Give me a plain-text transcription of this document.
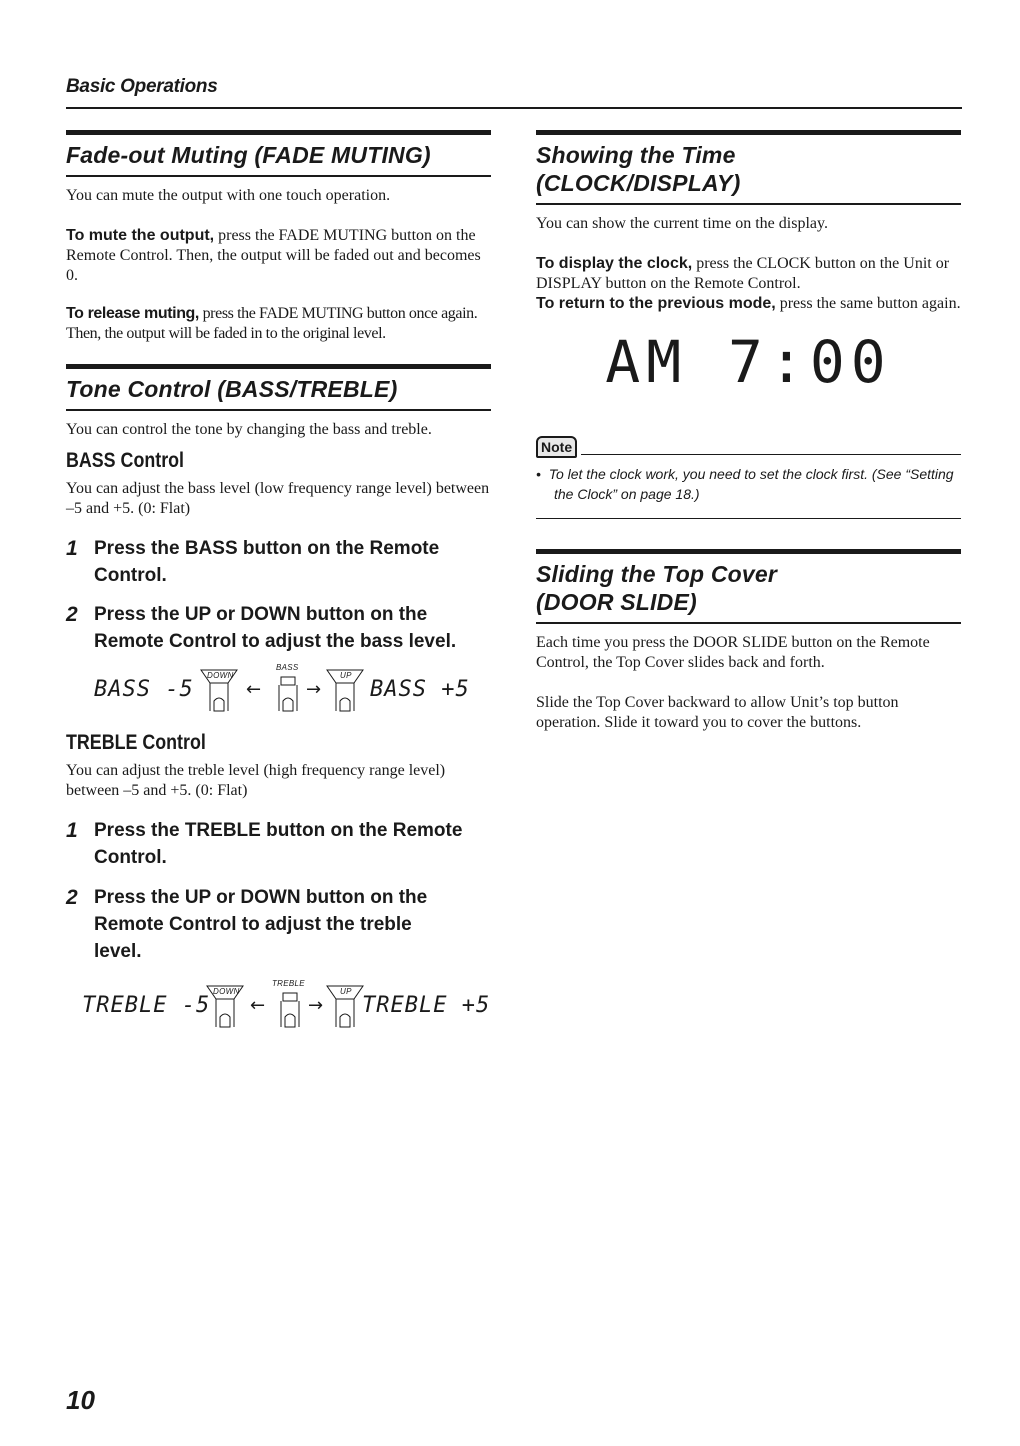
Basic Operations
Fade-out Muting (FADE MUTING)

You can mute the output with one touch operation.

To mute the output, press the FADE MUTING button on the Remote Control. Then, the output will be faded out and becomes 0.

To release muting, press the FADE MUTING button once again. Then, the output will be faded in to the original level.

Tone Control (BASS/TREBLE)

You can control the tone by changing the bass and treble.

BASS Control

You can adjust the bass level (low frequency range level) between –5 and +5. (0: Flat)

1 Press the BASS button on the Remote Control.
2 Press the UP or DOWN button on the Remote Control to adjust the bass level.
BASS -5
DOWN
←
BASS
→
UP
BASS +5
TREBLE Control

You can adjust the treble level (high frequency range level) between –5 and +5. (0: Flat)

1 Press the TREBLE button on the Remote Control.
2 Press the UP or DOWN button on the Remote Control to adjust the treble level.
TREBLE -5
DOWN
←
TREBLE
→
UP
TREBLE +5
Showing the Time
(CLOCK/DISPLAY)

You can show the current time on the display.

To display the clock, press the CLOCK button on the Unit or DISPLAY button on the Remote Control.

To return to the previous mode, press the same button again.

AM 7:00
Note
•  To let the clock work, you need to set the clock first. (See “Setting the Clock” on page 18.)
Sliding the Top Cover
(DOOR SLIDE)

Each time you press the DOOR SLIDE button on the Remote Control, the Top Cover slides back and forth.

Slide the Top Cover backward to allow Unit’s top button operation. Slide it toward you to cover the buttons.

10
